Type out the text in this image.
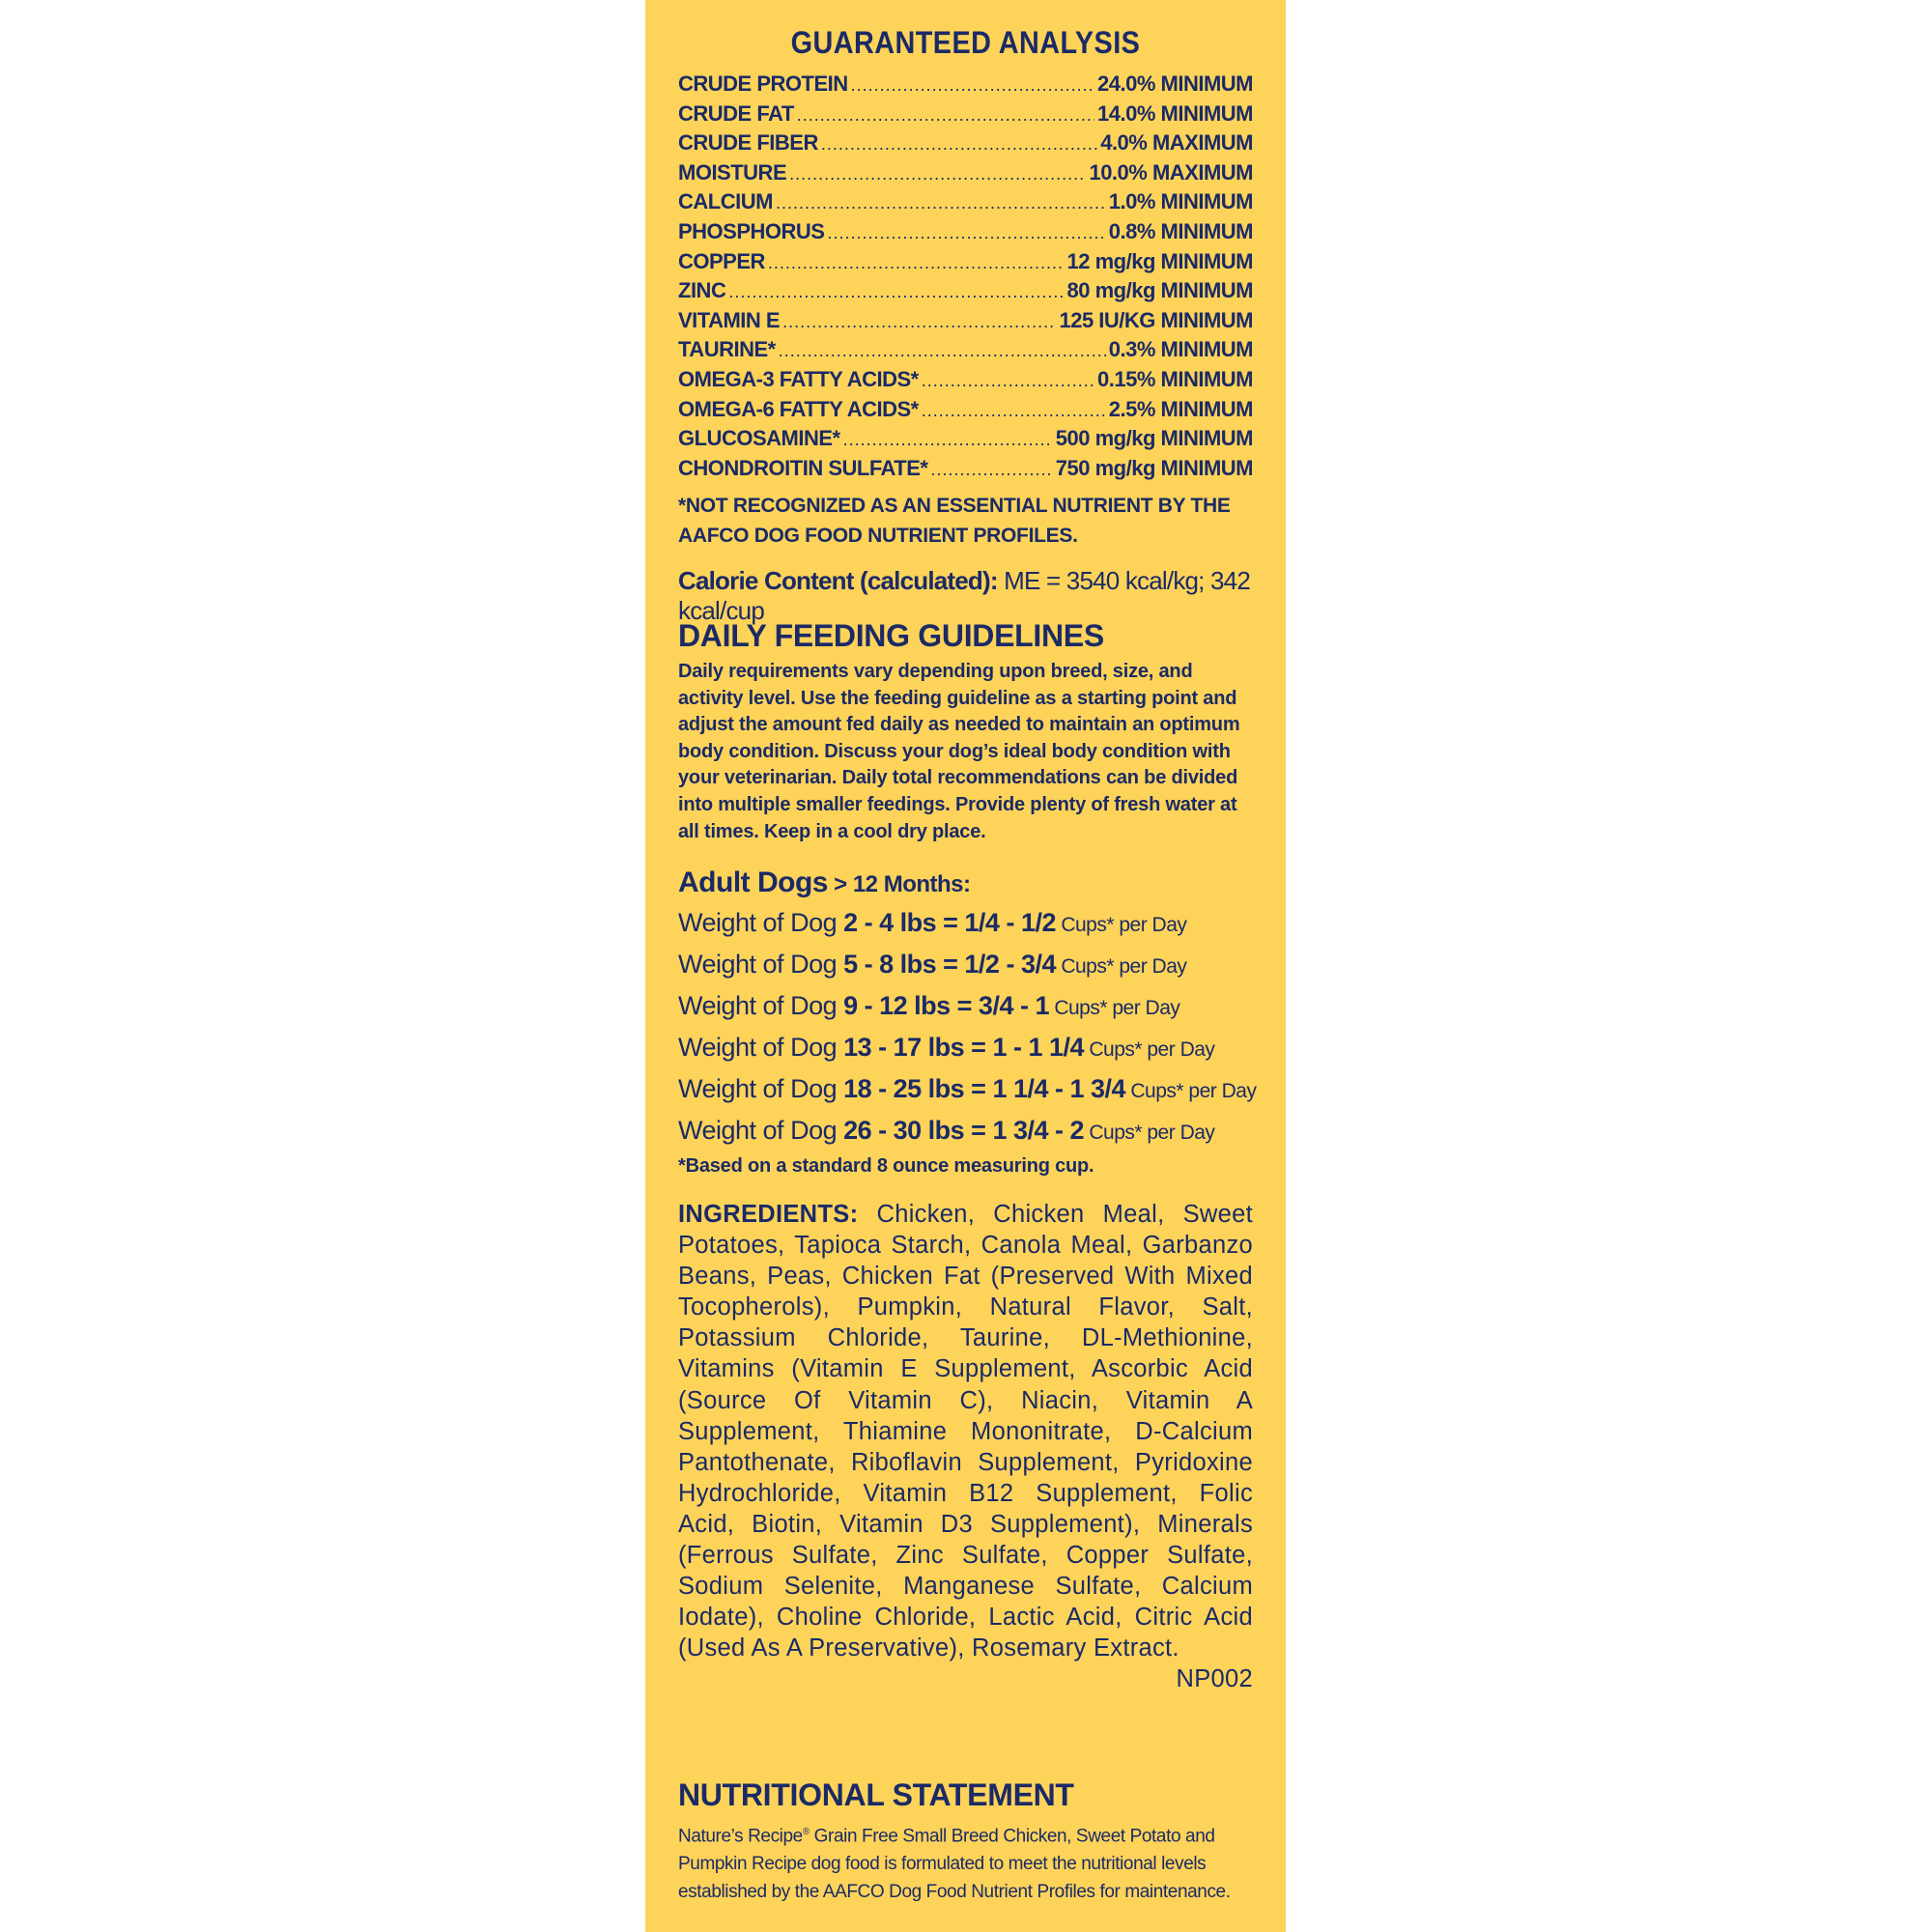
GUARANTEED ANALYSIS
CRUDE PROTEIN .....	24.0% MINIMUM
CRUDE FAT .....	14.0% MINIMUM
CRUDE FIBER .....	4.0% MAXIMUM
MOISTURE .....	10.0% MAXIMUM
CALCIUM .....	1.0% MINIMUM
PHOSPHORUS .....	0.8% MINIMUM
COPPER .....	12 mg/kg MINIMUM
ZINC .....	80 mg/kg MINIMUM
VITAMIN E .....	125 IU/KG MINIMUM
TAURINE* .....	0.3% MINIMUM
OMEGA-3 FATTY ACIDS* .....	0.15% MINIMUM
OMEGA-6 FATTY ACIDS* .....	2.5% MINIMUM
GLUCOSAMINE* .....	500 mg/kg MINIMUM
CHONDROITIN SULFATE* .....	750 mg/kg MINIMUM
*NOT RECOGNIZED AS AN ESSENTIAL NUTRIENT BY THE AAFCO DOG FOOD NUTRIENT PROFILES.
Calorie Content (calculated): ME = 3540 kcal/kg; 342 kcal/cup
DAILY FEEDING GUIDELINES
Daily requirements vary depending upon breed, size, and activity level. Use the feeding guideline as a starting point and adjust the amount fed daily as needed to maintain an optimum body condition. Discuss your dog’s ideal body condition with your veterinarian. Daily total recommendations can be divided into multiple smaller feedings. Provide plenty of fresh water at all times. Keep in a cool dry place.
Adult Dogs > 12 Months:
Weight of Dog 2 - 4 lbs = 1/4 - 1/2 Cups* per Day
Weight of Dog 5 - 8 lbs = 1/2 - 3/4 Cups* per Day
Weight of Dog 9 - 12 lbs = 3/4 - 1 Cups* per Day
Weight of Dog 13 - 17 lbs = 1 - 1 1/4 Cups* per Day
Weight of Dog 18 - 25 lbs = 1 1/4 - 1 3/4 Cups* per Day
Weight of Dog 26 - 30 lbs = 1 3/4 - 2 Cups* per Day
*Based on a standard 8 ounce measuring cup.
INGREDIENTS: Chicken, Chicken Meal, Sweet Potatoes, Tapioca Starch, Canola Meal, Garbanzo Beans, Peas, Chicken Fat (Preserved With Mixed Tocopherols), Pumpkin, Natural Flavor, Salt, Potassium Chloride, Taurine, DL-Methionine, Vitamins (Vitamin E Supplement, Ascorbic Acid (Source Of Vitamin C), Niacin, Vitamin A Supplement, Thiamine Mononitrate, D-Calcium Pantothenate, Riboflavin Supplement, Pyridoxine Hydrochloride, Vitamin B12 Supplement, Folic Acid, Biotin, Vitamin D3 Supplement), Minerals (Ferrous Sulfate, Zinc Sulfate, Copper Sulfate, Sodium Selenite, Manganese Sulfate, Calcium Iodate), Choline Chloride, Lactic Acid, Citric Acid (Used As A Preservative), Rosemary Extract.
NP002
NUTRITIONAL STATEMENT
Nature’s Recipe® Grain Free Small Breed Chicken, Sweet Potato and Pumpkin Recipe dog food is formulated to meet the nutritional levels established by the AAFCO Dog Food Nutrient Profiles for maintenance.
